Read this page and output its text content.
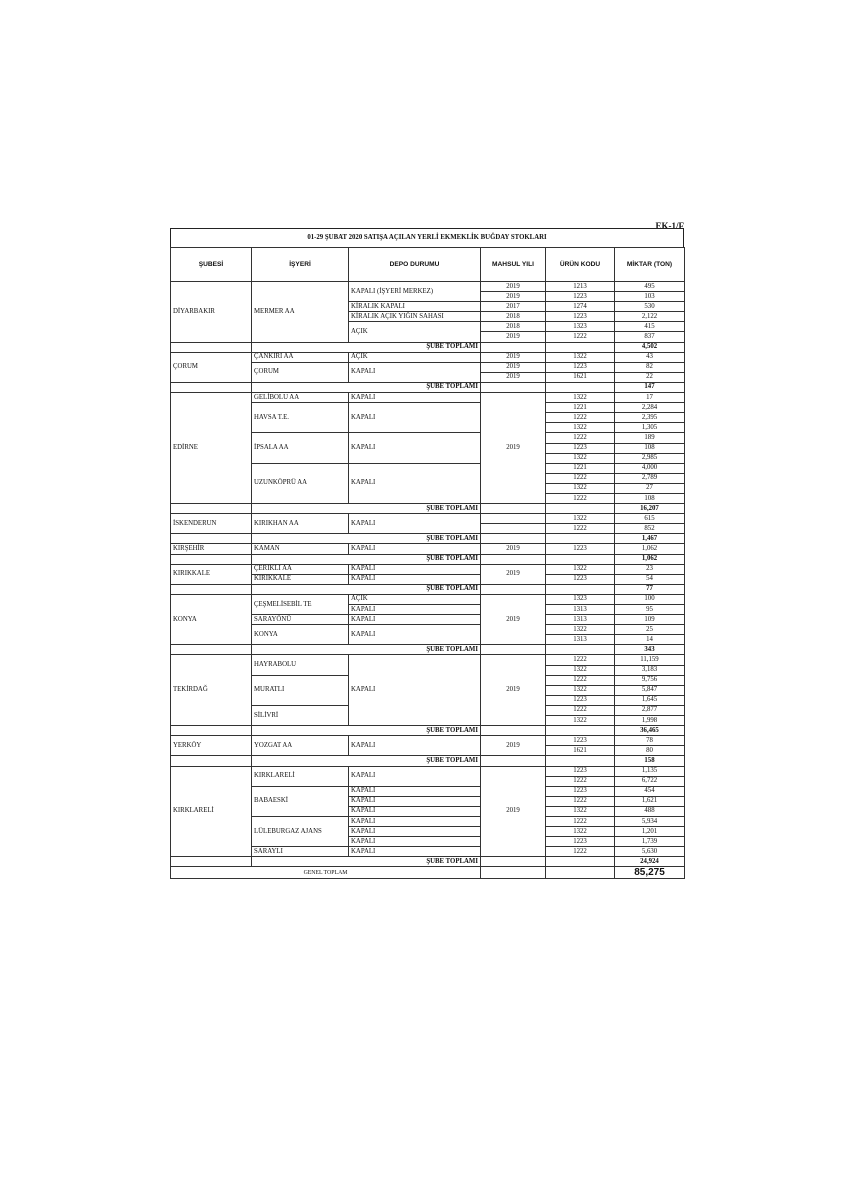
EK-1/F
01-29 ŞUBAT 2020 SATIŞA AÇILAN YERLİ EKMEKLİK BUĞDAY STOKLARI
ŞUBESİ	İŞYERİ	DEPO DURUMU	MAHSUL YILI	ÜRÜN KODU	MİKTAR (TON)
DİYARBAKIR	MERMER AA	KAPALI (İŞYERİ MERKEZ)	2019	1213	495
			2019	1223	103
		KİRALIK KAPALI	2017	1274	530
		KİRALIK AÇIK YIĞIN SAHASI	2018	1223	2,122
		AÇIK	2018	1323	415
			2019	1222	837
	ŞUBE TOPLAMI				4,502
ÇORUM	ÇANKIRI AA	AÇIK	2019	1322	43
	ÇORUM	KAPALI	2019	1223	82
			2019	1621	22
	ŞUBE TOPLAMI				147
EDİRNE	GELİBOLU AA	KAPALI	2019	1322	17
	HAVSA T.E.	KAPALI		1221	2,284
				1222	2,395
				1322	1,305
	İPSALA AA	KAPALI		1222	189
				1223	108
				1322	2,985
	UZUNKÖPRÜ AA	KAPALI		1221	4,000
				1222	2,789
				1322	27
				1222	108
	ŞUBE TOPLAMI				16,207
İSKENDERUN	KIRIKHAN AA	KAPALI		1322	615
				1222	852
	ŞUBE TOPLAMI				1,467
KIRŞEHİR	KAMAN	KAPALI	2019	1223	1,062
	ŞUBE TOPLAMI				1,062
KIRIKKALE	ÇERİKLİ AA	KAPALI	2019	1322	23
	KIRIKKALE	KAPALI		1223	54
	ŞUBE TOPLAMI				77
KONYA	ÇEŞMELİSEBİL TE	AÇIK	2019	1323	100
		KAPALI		1313	95
	SARAYÖNÜ	KAPALI		1313	109
	KONYA	KAPALI		1322	25
				1313	14
	ŞUBE TOPLAMI				343
TEKİRDAĞ	HAYRABOLU	KAPALI	2019	1222	11,159
				1322	3,183
	MURATLI			1222	9,756
				1322	5,847
				1223	1,645
	SİLİVRİ			1222	2,877
				1322	1,998
	ŞUBE TOPLAMI				36,465
YERKÖY	YOZGAT AA	KAPALI	2019	1223	78
				1621	80
	ŞUBE TOPLAMI				158
KIRKLARELİ	KIRKLARELİ	KAPALI	2019	1223	1,135
				1222	6,722
	BABAESKİ	KAPALI		1223	454
		KAPALI		1222	1,621
		KAPALI		1322	488
	LÜLEBURGAZ AJANS	KAPALI		1222	5,934
		KAPALI		1322	1,201
		KAPALI		1223	1,739
	SARAYLI	KAPALI		1222	5,630
	ŞUBE TOPLAMI				24,924
GENEL TOPLAM					85,275
